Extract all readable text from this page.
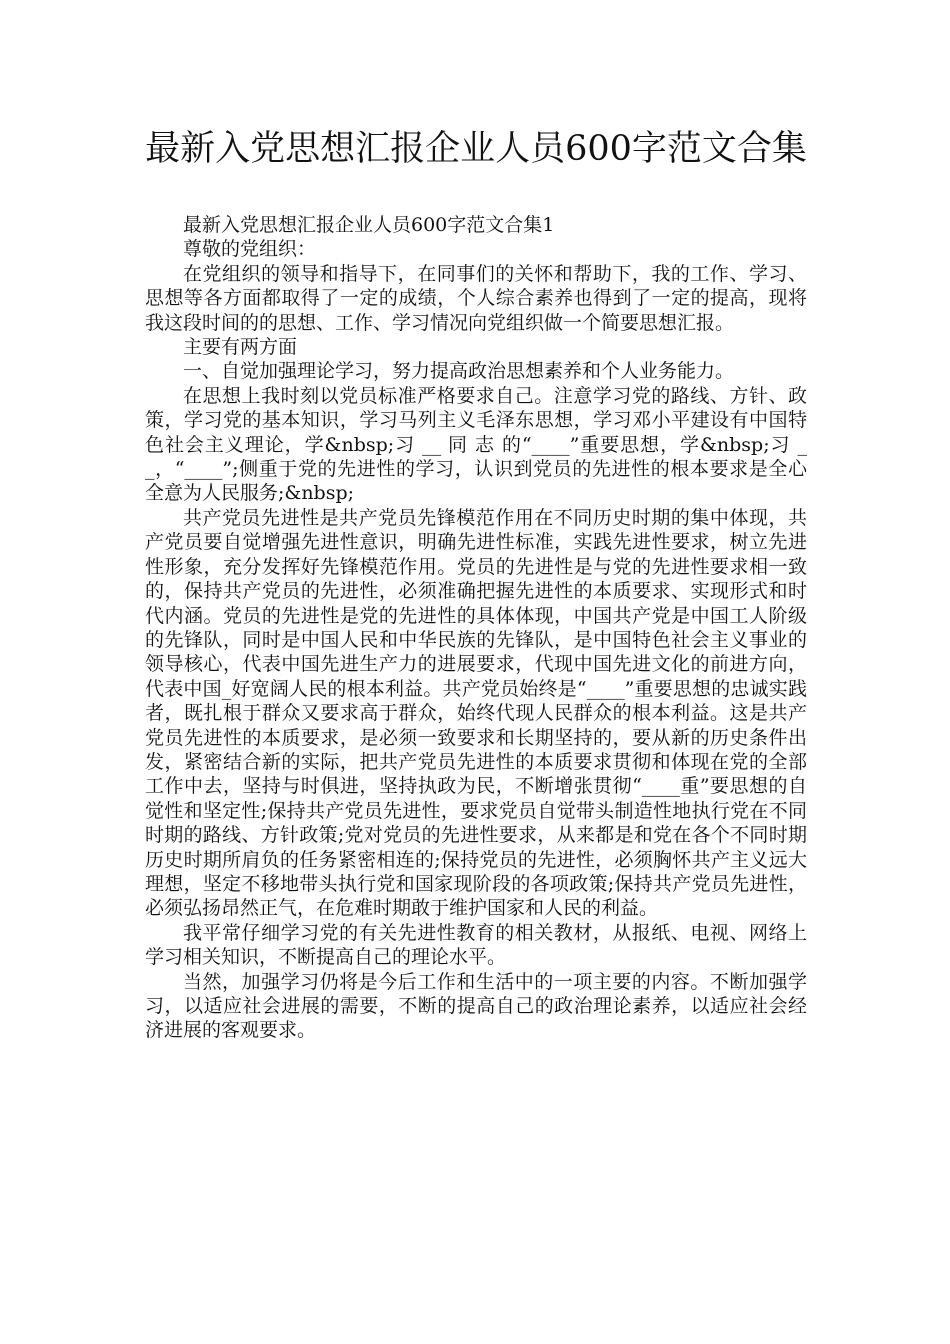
最新入党思想汇报企业人员600字范文合集

最新入党思想汇报企业人员600字范文合集1

尊敬的党组织：

在党组织的领导和指导下，在同事们的关怀和帮助下，我的工作、学习、思想等各方面都取得了一定的成绩，个人综合素养也得到了一定的提高，现将我这段时间的的思想、工作、学习情况向党组织做一个简要思想汇报。

主要有两方面

一、自觉加强理论学习，努力提高政治思想素养和个人业务能力。

在思想上我时刻以党员标准严格要求自己。注意学习党的路线、方针、政策，学习党的基本知识，学习马列主义毛泽东思想，学习邓小平建设有中国特色社会主义理论，学&nbsp;习 __ 同 志 的“____”重要思想，学&nbsp;习 __，“____”;侧重于党的先进性的学习，认识到党员的先进性的根本要求是全心全意为人民服务;&nbsp;

共产党员先进性是共产党员先锋模范作用在不同历史时期的集中体现，共产党员要自觉增强先进性意识，明确先进性标准，实践先进性要求，树立先进性形象，充分发挥好先锋模范作用。党员的先进性是与党的先进性要求相一致的，保持共产党员的先进性，必须准确把握先进性的本质要求、实现形式和时代内涵。党员的先进性是党的先进性的具体体现，中国共产党是中国工人阶级的先锋队，同时是中国人民和中华民族的先锋队，是中国特色社会主义事业的领导核心，代表中国先进生产力的进展要求，代现中国先进文化的前进方向，代表中国_好宽阔人民的根本利益。共产党员始终是“____”重要思想的忠诚实践者，既扎根于群众又要求高于群众，始终代现人民群众的根本利益。这是共产党员先进性的本质要求，是必须一致要求和长期坚持的，要从新的历史条件出发，紧密结合新的实际，把共产党员先进性的本质要求贯彻和体现在党的全部工作中去，坚持与时俱进，坚持执政为民，不断增张贯彻“____重”要思想的自觉性和坚定性;保持共产党员先进性，要求党员自觉带头制造性地执行党在不同时期的路线、方针政策;党对党员的先进性要求，从来都是和党在各个不同时期历史时期所肩负的任务紧密相连的;保持党员的先进性，必须胸怀共产主义远大理想，坚定不移地带头执行党和国家现阶段的各项政策;保持共产党员先进性，必须弘扬昂然正气，在危难时期敢于维护国家和人民的利益。

我平常仔细学习党的有关先进性教育的相关教材，从报纸、电视、网络上学习相关知识，不断提高自己的理论水平。

当然，加强学习仍将是今后工作和生活中的一项主要的内容。不断加强学习，以适应社会进展的需要，不断的提高自己的政治理论素养，以适应社会经济进展的客观要求。
